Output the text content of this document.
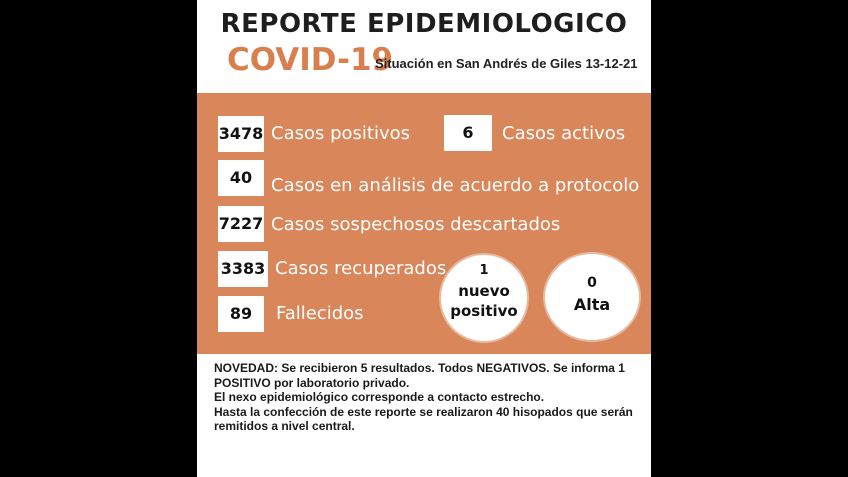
REPORTE EPIDEMIOLOGICO
COVID-19
Situación en San Andrés de Giles 13-12-21
3478 Casos positivos	6	Casos activos
40	Casos en análisis de acuerdo a protocolo
7227 Casos sospechosos descartados
3383 Casos recuperados
89	Fallecidos
1
nuevo
positivo
0
Alta
NOVEDAD: Se recibieron 5 resultados. Todos NEGATIVOS. Se informa 1 POSITIVO por laboratorio privado.
El nexo epidemiológico corresponde a contacto estrecho.
Hasta la confección de este reporte se realizaron 40 hisopados que serán remitidos a nivel central.
